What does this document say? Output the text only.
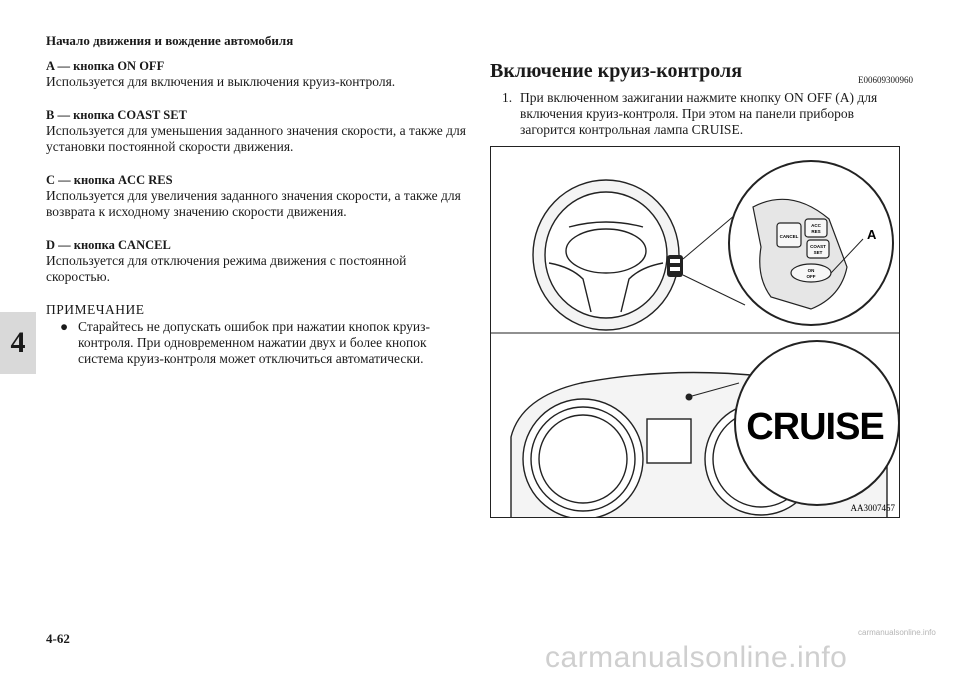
Начало движения и вождение автомобиля
4
A — кнопка ON OFF
Используется для включения и выключения круиз-контроля.
B — кнопка COAST SET
Используется для уменьшения заданного значения скорости, а также для установки постоянной скорости движения.
C — кнопка ACC RES
Используется для увеличения заданного значения скорости, а также для возврата к исходному значению скорости движения.
D — кнопка CANCEL
Используется для отключения режима движения с постоянной скоростью.
ПРИМЕЧАНИЕ
● Старайтесь не допускать ошибок при нажатии кнопок круиз-контроля. При одновременном нажатии двух и более кнопок система круиз-контроля может отключиться автоматически.
Включение круиз-контроля	E00609300960
1. При включенном зажигании нажмите кнопку ON OFF (A) для включения круиз-контроля. При этом на панели приборов загорится контрольная лампа CRUISE.
CANCEL
ACC
RES
COAST
SET
ON
OFF
A
CRUISE
AA3007457
4-62	carmanualsonline.info
carmanualsonline.info
